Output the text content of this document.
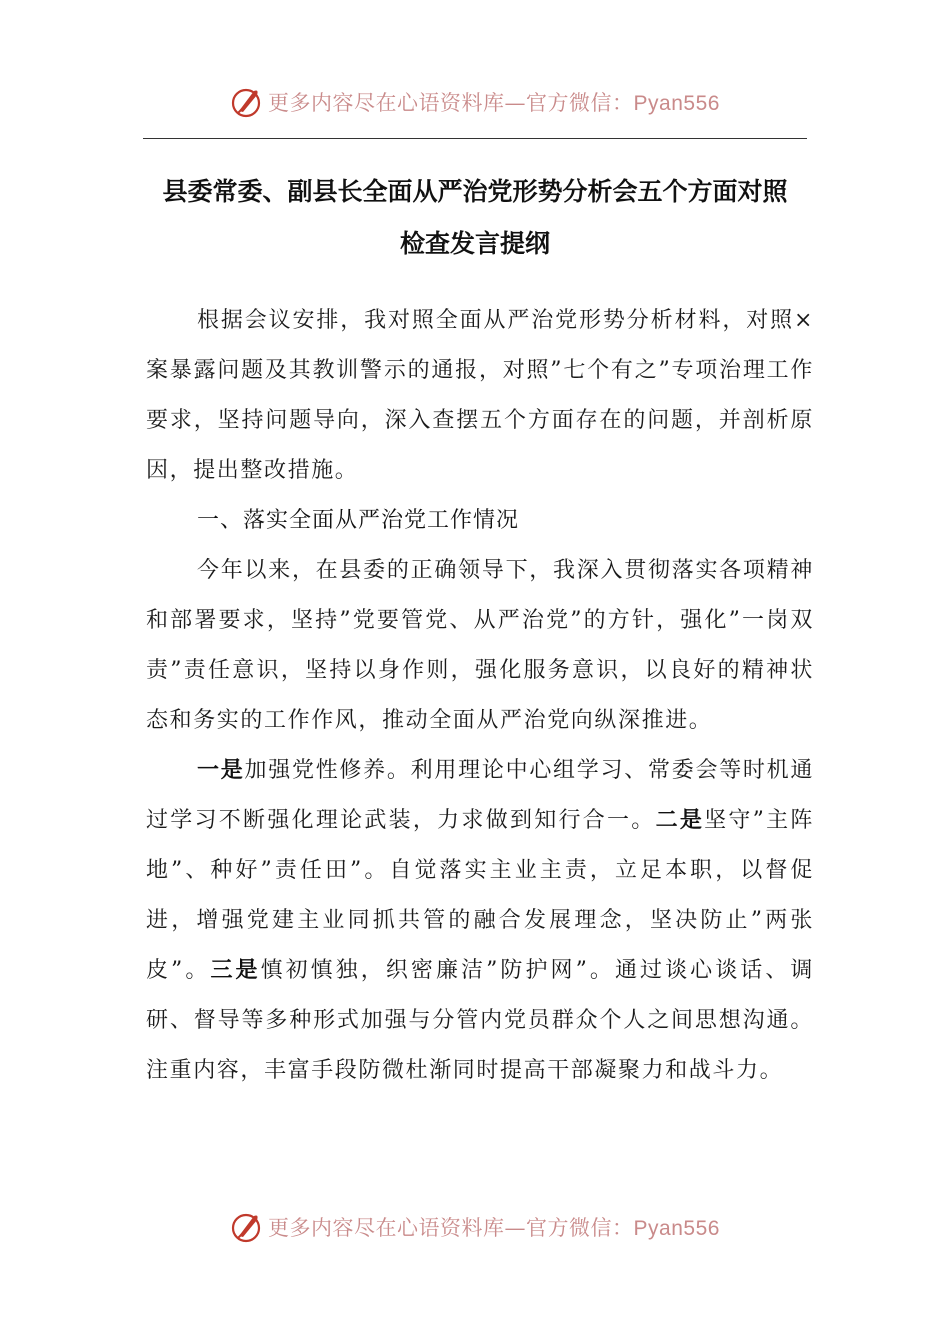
更多内容尽在心语资料库—官方微信：Pyan556
县委常委、副县长全面从严治党形势分析会五个方面对照
检查发言提纲

根据会议安排，我对照全面从严治党形势分析材料，对照×案暴露问题及其教训警示的通报，对照”七个有之”专项治理工作要求，坚持问题导向，深入查摆五个方面存在的问题，并剖析原因，提出整改措施。

一、落实全面从严治党工作情况

今年以来，在县委的正确领导下，我深入贯彻落实各项精神和部署要求，坚持”党要管党、从严治党”的方针，强化”一岗双责”责任意识，坚持以身作则，强化服务意识，以良好的精神状态和务实的工作作风，推动全面从严治党向纵深推进。

一是加强党性修养。利用理论中心组学习、常委会等时机通过学习不断强化理论武装，力求做到知行合一。二是坚守”主阵地”、种好”责任田”。自觉落实主业主责，立足本职，以督促进，增强党建主业同抓共管的融合发展理念，坚决防止”两张皮”。三是慎初慎独，织密廉洁”防护网”。通过谈心谈话、调研、督导等多种形式加强与分管内党员群众个人之间思想沟通。注重内容，丰富手段防微杜渐同时提高干部凝聚力和战斗力。

更多内容尽在心语资料库—官方微信：Pyan556
